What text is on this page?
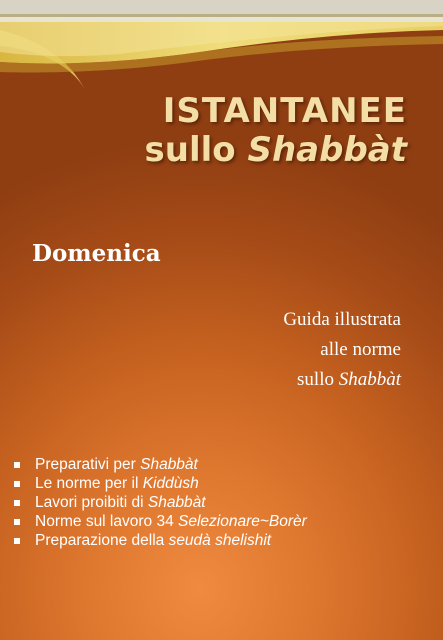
ISTANTANEE
sullo Shabbàt
Domenica
Guida illustrata
alle norme
sullo Shabbàt
Preparativi per Shabbàt
Le norme per il Kiddùsh
Lavori proibiti di Shabbàt
Norme sul lavoro 34 Selezionare~Borèr
Preparazione della seudà shelishit
